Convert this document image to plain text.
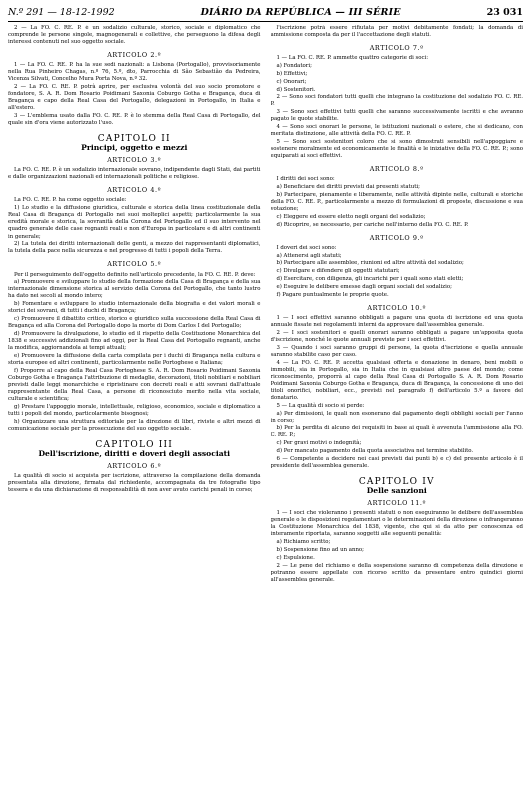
N.º 291 — 18-12-1992	DIÁRIO DA REPÚBLICA — III SÉRIE	23 031

2 — La FO. C. RE. P. è un sodalizio culturale, storico, sociale e diplomatico che comprende le persone singole, magnogenerali e collettive, che perseguono la difesa degli interessi contenuti nel suo oggetto sociale.

ARTICOLO 2.º

1 — La FO. C. RE. P. ha la sue sedi nazionali: a Lisbona (Portogallo), provvisoriamente nella Rua Pinheiro Chagas, n.º 76, 5.º, dto, Parrocchia di São Sebastião da Pedreira, Vicenza Silvati, Concelho Mura Porta Nova, n.º 32.

2 — La FO. C. RE. P. potrà aprire, per esclusiva volontà del suo socio promotore e fondatore, S. A. R. Dom Rosario Poidimani Saxonia Coburgo Gotha e Bragança, duca di Bragança e capo della Real Casa del Portogallo, delegazioni in Portogallo, in Italia e all'estero.

3 — L'emblema usato dalla FO. C. RE. P. è lo stemma della Real Casa di Portogallo, del quale sin d'ora viene autorizzato l'uso.

CAPITOLO II
Principi, oggetto e mezzi
ARTICOLO 3.º

La FO. C. RE. P. è un sodalizio internazionale sovrano, indipendente dagli Stati, dai partiti e dalle organizzazioni nazionali ed internazionali politiche e religiose.

ARTICOLO 4.º

La FO. C. RE. P. ha come oggetto sociale:

1) Lo studio e la diffusione giuridica, culturale e storica della linea costituzionale della Real Casa di Bragança di Portogallo nei suoi molteplici aspetti; particolarmente la sua eredità morale e storica, la sovranità della Corona del Portogallo ed il suo intervento nel quadro generale delle case regnanti reali e non d'Europa in particolare e di altri continenti in generale;

2) La tutela dei diritti internazionali delle genti, a mezzo dei rappresentanti diplomatici, la tutela della pace nella sicurezza e nel progresso di tutti i popoli della Terra.

ARTICOLO 5.º

Per il perseguimento dell'oggetto definito nell'articolo precedente, la FO. C. RE. P. deve:

a) Promuovere e sviluppare lo studio della formazione della Casa di Bragança e della sua internazionale dimensione storica al servizio della Corona del Portogallo, che tanto lustro ha dato nei secoli al mondo intero;

b) Fomentare e sviluppare lo studio internazionale della biografia e dei valori morali e storici dei sovrani, di tutti i duchi di Bragança;

c) Promuovere il dibattito critico, storico e giuridico sulla successione della Real Casa di Bragança ed alla Corona del Portogallo dopo la morte di Dom Carlos I del Portogallo;

d) Promuovere la divulgazione, lo studio ed il rispetto della Costituzione Monarchica del 1838 e successivi addizionali fino ad oggi, per la Real Casa del Portogallo regnanti, anche la modifica, aggiornandola ai tempi attuali;

e) Promuovere la diffusione della carta compilata per i duchi di Bragança nella cultura e storia europee ed altri continenti, particolarmente nelle Portoghese e Italiana;

f) Proporre al capo della Real Casa Portoghese S. A. R. Dom Rosario Poidimani Saxonia Coburgo Gotha e Bragança l'attribuzione di medaglie, decorazioni, titoli nobiliari e nobiliari previsti dalle leggi monarchiche e ripristinare con decreti reali e atti sovrani dall'attuale rappresentante della Real Casa, a persone di riconosciuto merito nella vita sociale, culturale e scientifica;

g) Prestare l'appoggio morale, intellettuale, religioso, economico, sociale e diplomatico a tutti i popoli del mondo, particolarmente bisognosi;

h) Organizzare una struttura editoriale per la direzione di libri, riviste e altri mezzi di comunicazione sociale per la prosecuzione del suo oggetto sociale.

CAPITOLO III
Dell'iscrizione, diritti e doveri degli associati
ARTICOLO 6.º

La qualità di socio si acquista per iscrizione, attraverso la compilazione della domanda presentata alla direzione, firmata dal richiedente, accompagnata da tre fotografie tipo tessera e da una dichiarazione di responsabilità di non aver avuto carichi penali in corso;

l'iscrizione potrà essere rifiutata per motivi debitamente fondati; la domanda di ammissione composta da per il l'accettazione degli statuti.

ARTICOLO 7.º

1 — La FO. C. RE. P. ammette quattro categorie di soci:

a) Fondatori;

b) Effettivi;

c) Onorari;

d) Sostenitori.

2 — Sono soci fondatori tutti quelli che integrano la costituzione del sodalizio FO. C. RE. P.

3 — Sono soci effettivi tutti quelli che saranno successivamente iscritti e che avranno pagato le quote stabilite.

4 — Sono soci onorari le persone, le istituzioni nazionali o estere, che si dedicano, con meritata distinzione, alle attività della FO. C. RE. P.

5 — Sono soci sostenitori coloro che si sono dimostrati sensibili nell'appoggiare e sostenere moralmente ed economicamente le finalità e le iniziative della FO. C. RE. P.; sono equiparati ai soci effettivi.

ARTICOLO 8.º

I diritti dei soci sono:

a) Beneficiare dei diritti previsti dai presenti statuti;

b) Partecipare, pienamente e liberamente, nelle attività dipinte nelle, culturali e storiche della FO. C. RE. P., particolarmente a mezzo di formulazioni di proposte, discussione e sua votazione;

c) Eleggere ed essere eletto negli organi del sodalizio;

d) Ricoprire, se necessario, per cariche nell'interno della FO. C. RE. P.

ARTICOLO 9.º

I doveri dei soci sono:

a) Attenersi agli statuti;

b) Partecipare alle assemblee, riunioni ed altre attività del sodalizio;

c) Divulgare e difendere gli oggetti statutari;

d) Esercitare, con diligenza, gli incarichi per i quali sono stati eletti;

e) Eseguire le delibere emesse dagli organi sociali del sodalizio;

f) Pagare puntualmente le proprie quote.

ARTICOLO 10.º

1 — I soci effettivi saranno obbligati a pagare una quota di iscrizione ed una quota annuale fissate nei regolamenti interni da approvare dall'assemblea generale.

2 — I soci sostenitori e quelli onorari saranno obbligati a pagare un'apposita quota d'iscrizione, nonché le quote annuali previste per i soci effettivi.

3 — Quando i soci saranno gruppi di persone, la quota d'iscrizione e quella annuale saranno stabilite caso per caso.

4 — La FO. C. RE. P. accetta qualsiasi offerta e donazione in denaro, beni mobili o immobili, sia in Portogallo, sia in Italia che in qualsiasi altro paese del mondo; come riconoscimento, proporrà al capo della Real Casa di Portogallo S. A. R. Dom Rosario Poidimani Saxonia Coburgo Gotha e Bragança, duca di Bragança, la concessione di uno dei titoli onorifici, nobiliari, ecc., previsti nel paragrafo f) dell'articolo 5.º a favore del donatario.

5 — La qualità di socio si perde:

a) Per dimissioni, le quali non esonerano dal pagamento degli obblighi sociali per l'anno in corso;

b) Per la perdita di alcuno dei requisiti in base ai quali è avvenuta l'ammissione alla FO. C. RE. P.;

c) Per gravi motivi o indegnità;

d) Per mancato pagamento della quota associativa nel termine stabilito.

6 — Competente a decidere nei casi previsti dai punti b) e c) del presente articolo è il presidente dell'assemblea generale.

CAPITOLO IV
Delle sanzioni
ARTICOLO 11.º

1 — I soci che violeranno i presenti statuti o non eseguiranno le delibere dell'assemblea generale o le disposizioni regolamentari o le determinazioni della direzione o infrangeranno la Costituzione Monarchica del 1838, vigente, che qui si da atto per conoscenza ed interamente riportata, saranno soggetti alle seguenti penalità:

a) Richiamo scritto;

b) Sospensione fino ad un anno;

c) Espulsione.

2 — Le pene del richiamo e della sospensione saranno di competenza della direzione e potranno essere appellate con ricorso scritto da presentare entro quindici giorni all'assemblea generale.
